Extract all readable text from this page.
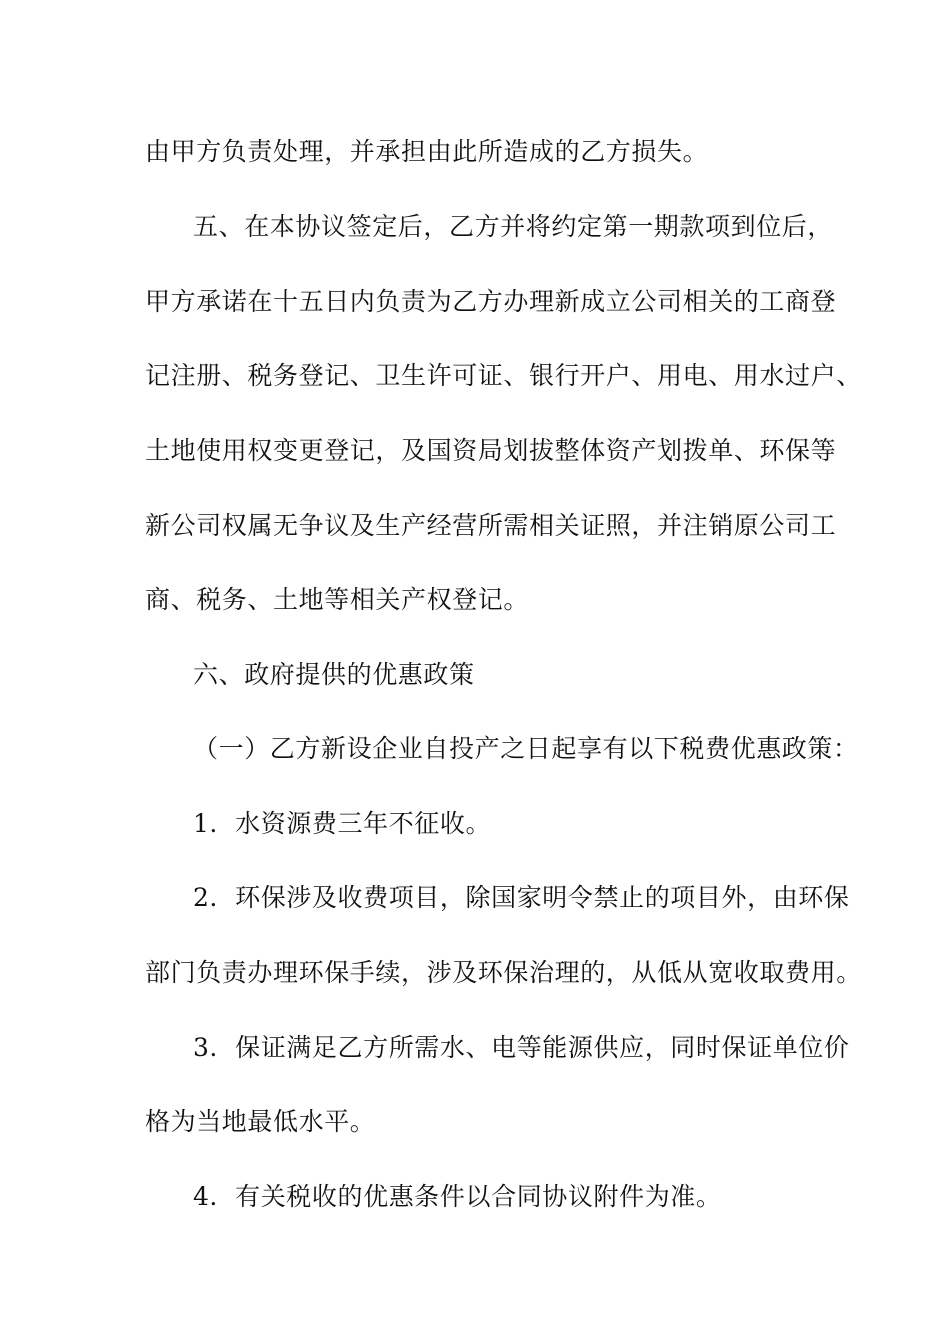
由甲方负责处理，并承担由此所造成的乙方损失。
五、在本协议签定后，乙方并将约定第一期款项到位后，
甲方承诺在十五日内负责为乙方办理新成立公司相关的工商登
记注册、税务登记、卫生许可证、银行开户、用电、用水过户、
土地使用权变更登记，及国资局划拔整体资产划拨单、环保等
新公司权属无争议及生产经营所需相关证照，并注销原公司工
商、税务、土地等相关产权登记。
六、政府提供的优惠政策
（一）乙方新设企业自投产之日起享有以下税费优惠政策：
1．水资源费三年不征收。
2．环保涉及收费项目，除国家明令禁止的项目外，由环保
部门负责办理环保手续，涉及环保治理的，从低从宽收取费用。
3．保证满足乙方所需水、电等能源供应，同时保证单位价
格为当地最低水平。
4．有关税收的优惠条件以合同协议附件为准。
